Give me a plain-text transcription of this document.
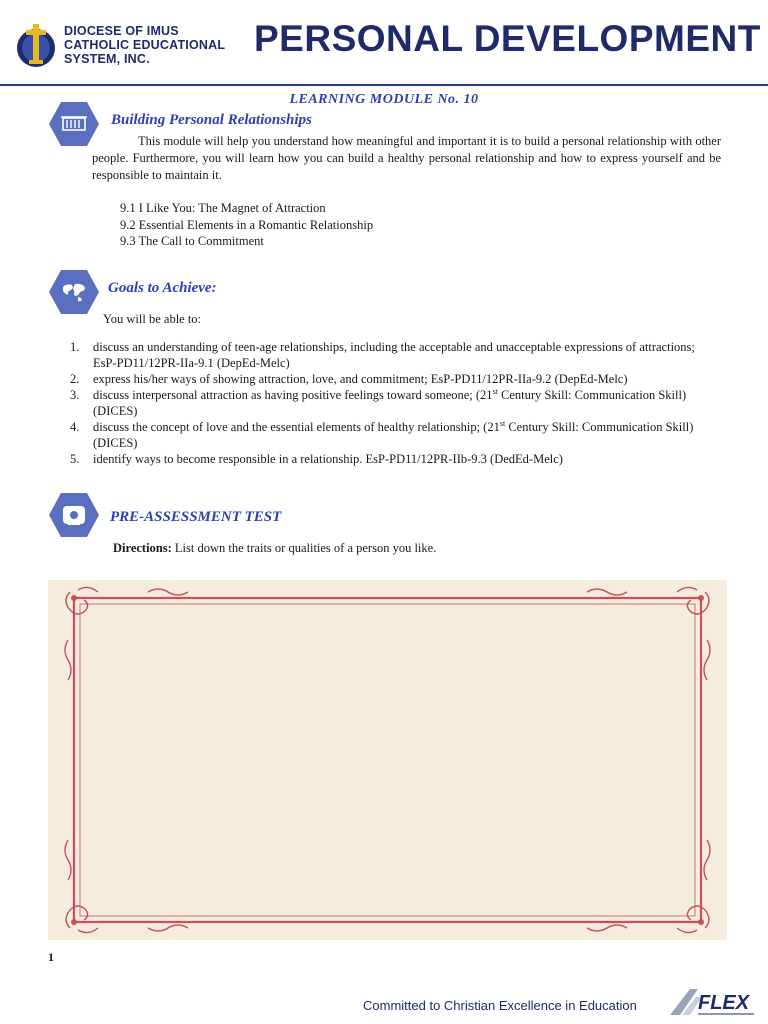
DIOCESE OF IMUS
CATHOLIC EDUCATIONAL
SYSTEM, INC.	PERSONAL DEVELOPMENT
LEARNING MODULE No. 10
Building Personal Relationships
This module will help you understand how meaningful and important it is to build a personal relationship with other people. Furthermore, you will learn how you can build a healthy personal relationship and how to express yourself and be responsible to maintain it.
9.1 I Like You: The Magnet of Attraction
9.2 Essential Elements in a Romantic Relationship
9.3 The Call to Commitment
Goals to Achieve:
You will be able to:
1. discuss an understanding of teen-age relationships, including the acceptable and unacceptable expressions of attractions; EsP-PD11/12PR-IIa-9.1 (DepEd-Melc)
2. express his/her ways of showing attraction, love, and commitment; EsP-PD11/12PR-IIa-9.2 (DepEd-Melc)
3. discuss interpersonal attraction as having positive feelings toward someone; (21st Century Skill: Communication Skill) (DICES)
4. discuss the concept of love and the essential elements of healthy relationship; (21st Century Skill: Communication Skill) (DICES)
5. identify ways to become responsible in a relationship. EsP-PD11/12PR-IIb-9.3 (DedEd-Melc)
PRE-ASSESSMENT TEST
Directions: List down the traits or qualities of a person you like.
1
Committed to Christian Excellence in Education	FLEX
